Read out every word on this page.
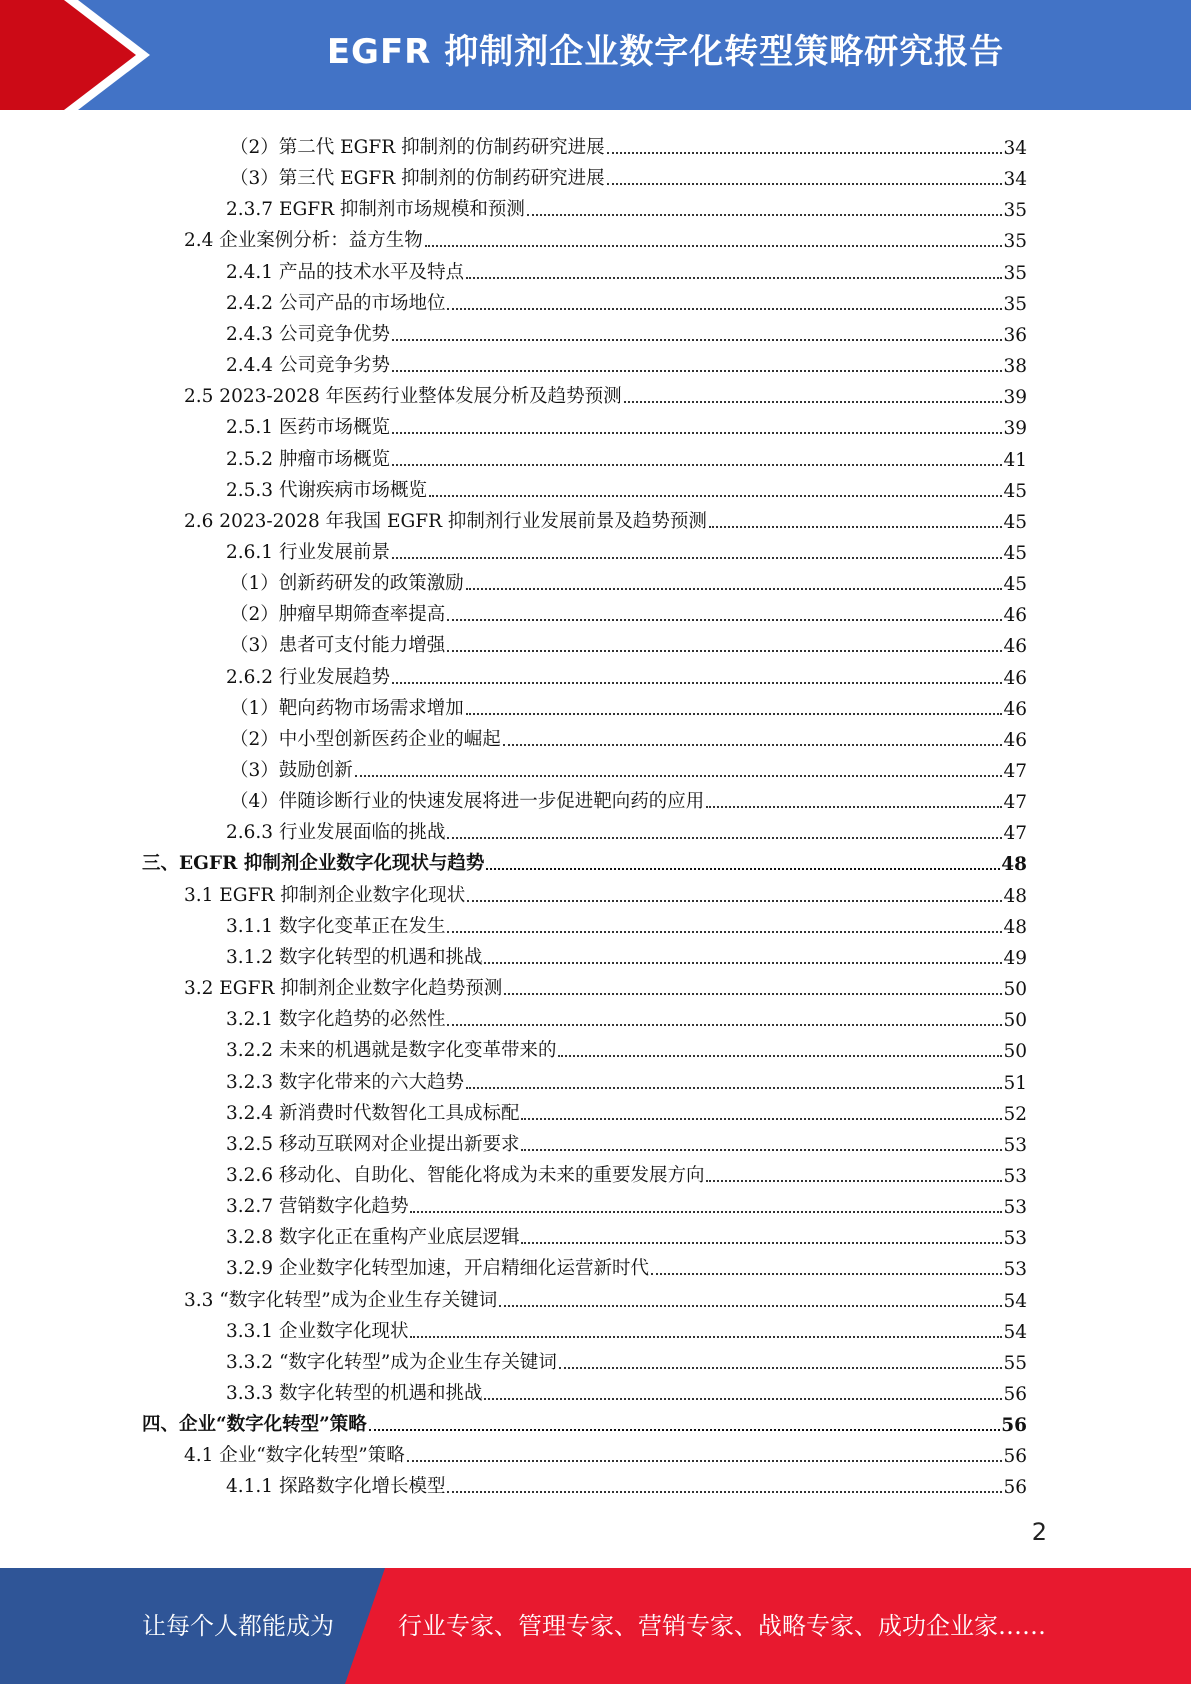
EGFR 抑制剂企业数字化转型策略研究报告
（2）第二代 EGFR 抑制剂的仿制药研究进展	34
（3）第三代 EGFR 抑制剂的仿制药研究进展	34
2.3.7 EGFR 抑制剂市场规模和预测	35
2.4 企业案例分析：益方生物	35
2.4.1 产品的技术水平及特点	35
2.4.2 公司产品的市场地位	35
2.4.3 公司竞争优势	36
2.4.4 公司竞争劣势	38
2.5 2023-2028 年医药行业整体发展分析及趋势预测	39
2.5.1 医药市场概览	39
2.5.2 肿瘤市场概览	41
2.5.3 代谢疾病市场概览	45
2.6 2023-2028 年我国 EGFR 抑制剂行业发展前景及趋势预测	45
2.6.1 行业发展前景	45
（1）创新药研发的政策激励	45
（2）肿瘤早期筛查率提高	46
（3）患者可支付能力增强	46
2.6.2 行业发展趋势	46
（1）靶向药物市场需求增加	46
（2）中小型创新医药企业的崛起	46
（3）鼓励创新	47
（4）伴随诊断行业的快速发展将进一步促进靶向药的应用	47
2.6.3 行业发展面临的挑战	47
三、EGFR 抑制剂企业数字化现状与趋势	48
3.1 EGFR 抑制剂企业数字化现状	48
3.1.1 数字化变革正在发生	48
3.1.2 数字化转型的机遇和挑战	49
3.2 EGFR 抑制剂企业数字化趋势预测	50
3.2.1 数字化趋势的必然性	50
3.2.2 未来的机遇就是数字化变革带来的	50
3.2.3 数字化带来的六大趋势	51
3.2.4 新消费时代数智化工具成标配	52
3.2.5 移动互联网对企业提出新要求	53
3.2.6 移动化、自助化、智能化将成为未来的重要发展方向	53
3.2.7 营销数字化趋势	53
3.2.8 数字化正在重构产业底层逻辑	53
3.2.9 企业数字化转型加速，开启精细化运营新时代	53
3.3 “数字化转型”成为企业生存关键词	54
3.3.1 企业数字化现状	54
3.3.2 “数字化转型”成为企业生存关键词	55
3.3.3 数字化转型的机遇和挑战	56
四、企业“数字化转型”策略	56
4.1 企业“数字化转型”策略	56
4.1.1 探路数字化增长模型	56
2
让每个人都能成为	行业专家、管理专家、营销专家、战略专家、成功企业家……
